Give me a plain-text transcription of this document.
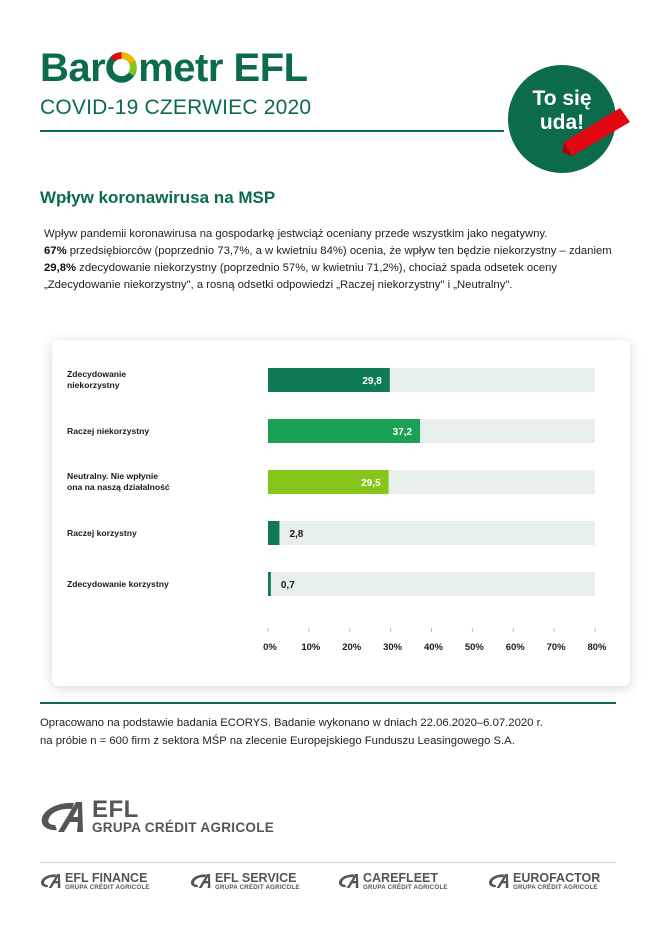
Bar metr EFL
COVID-19 CZERWIEC 2020	To się
uda!
Wpływ koronawirusa na MSP

Wpływ pandemii koronawirusa na gospodarkę jestwciąż oceniany przede wszystkim jako negatywny.
67% przedsiębiorców (poprzednio 73,7%, a w kwietniu 84%) ocenia, że wpływ ten będzie niekorzystny – zdaniem 29,8% zdecydowanie niekorzystny (poprzednio 57%, w kwietniu 71,2%), chociaż spada odsetek oceny „Zdecydowanie niekorzystny", a rosną odsetki odpowiedzi „Raczej niekorzystny" i „Neutralny".

Zdecydowanie
niekorzystny	29,8
Raczej niekorzystny	37,2
Neutralny. Nie wpłynie
ona na naszą działalność	29,5
Raczej korzystny	2,8
Zdecydowanie korzystny	0,7
0%	10% 20% 30% 40% 50% 60% 70% 80%
Opracowano na podstawie badania ECORYS. Badanie wykonano w dniach 22.06.2020–6.07.2020 r.
na próbie n = 600 firm z sektora MŚP na zlecenie Europejskiego Funduszu Leasingowego S.A.
EFL
GRUPA CRÉDIT AGRICOLE
EFL FINANCE
GRUPA CRÉDIT AGRICOLE
EFL SERVICE
GRUPA CRÉDIT AGRICOLE
CAREFLEET
GRUPA CRÉDIT AGRICOLE
EUROFACTOR
GRUPA CRÉDIT AGRICOLE
